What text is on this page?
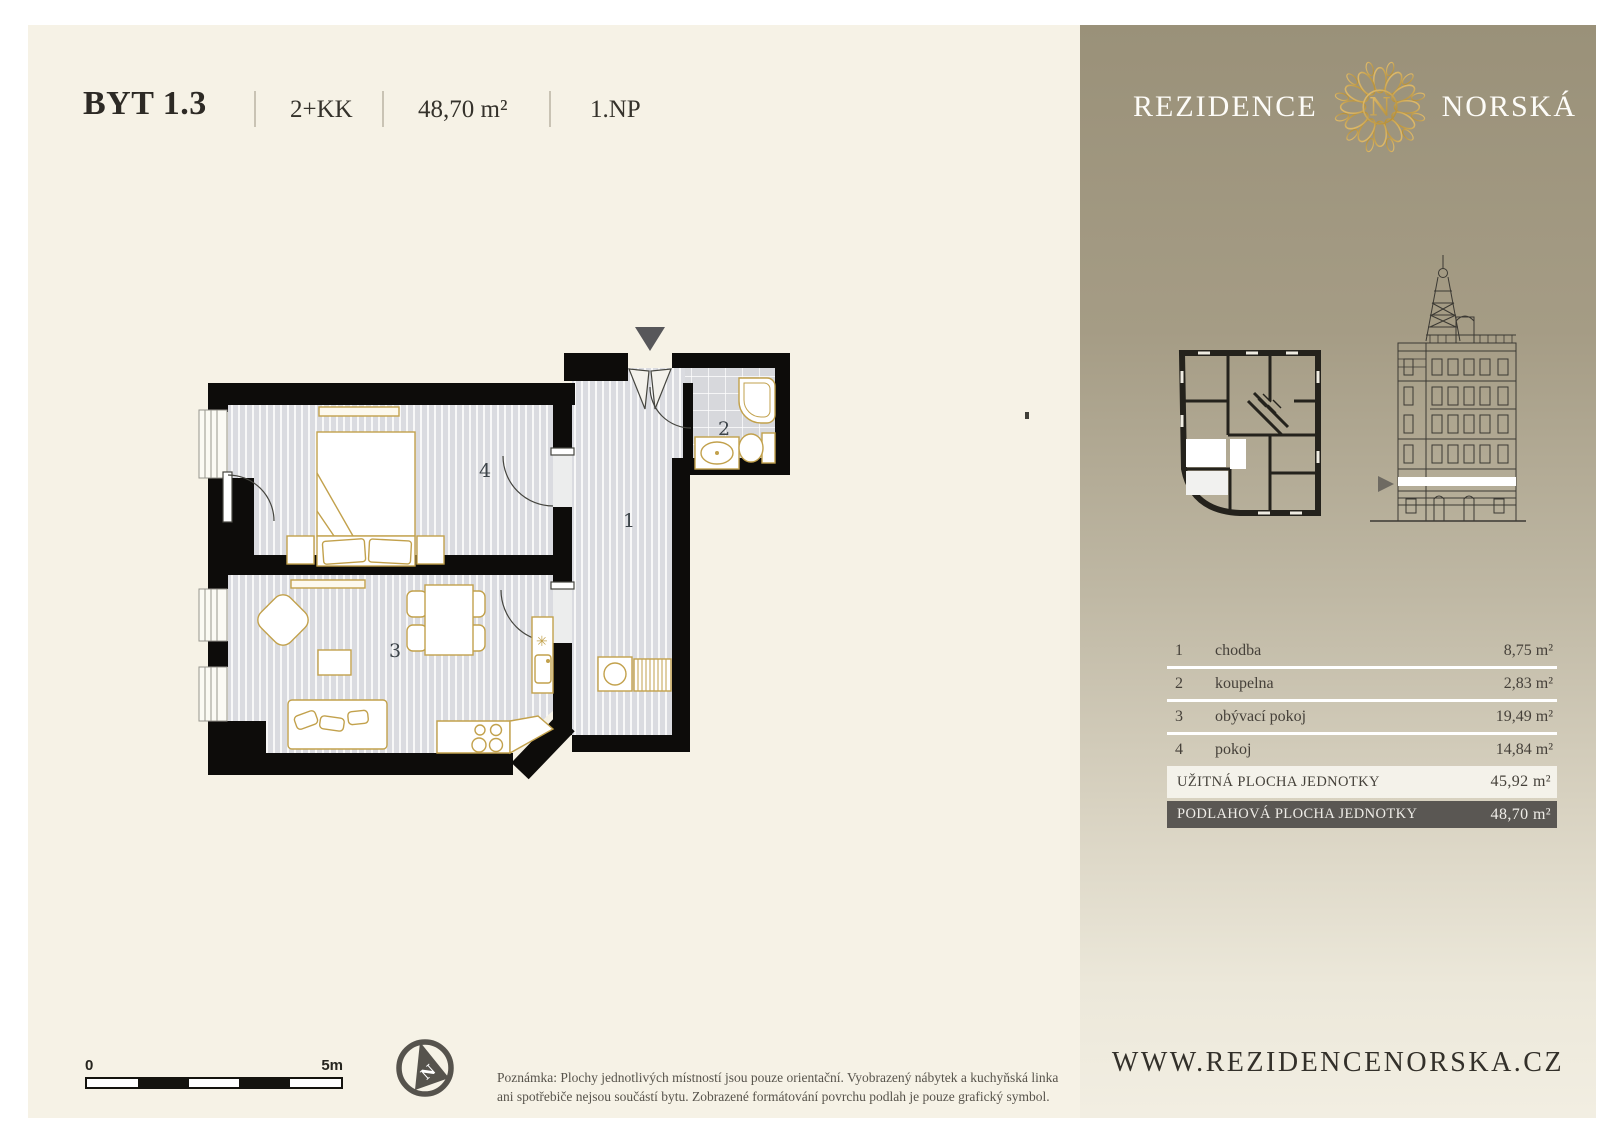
BYT 1.3	2+KK	48,70 m²	1.NP
✳
1
2
3
4
0	5m	N	Poznámka: Plochy jednotlivých místností jsou pouze orientační. Vyobrazený nábytek a kuchyňská linka
ani spotřebiče nejsou součástí bytu. Zobrazené formátování povrchu podlah je pouze grafický symbol.
REZIDENCE N NORSKÁ
1	chodba	8,75 m²
2	koupelna	2,83 m²
3	obývací pokoj	19,49 m²
4	pokoj	14,84 m²
UŽITNÁ PLOCHA JEDNOTKY	45,92 m²
PODLAHOVÁ PLOCHA JEDNOTKY	48,70 m²
WWW.REZIDENCENORSKA.CZ
